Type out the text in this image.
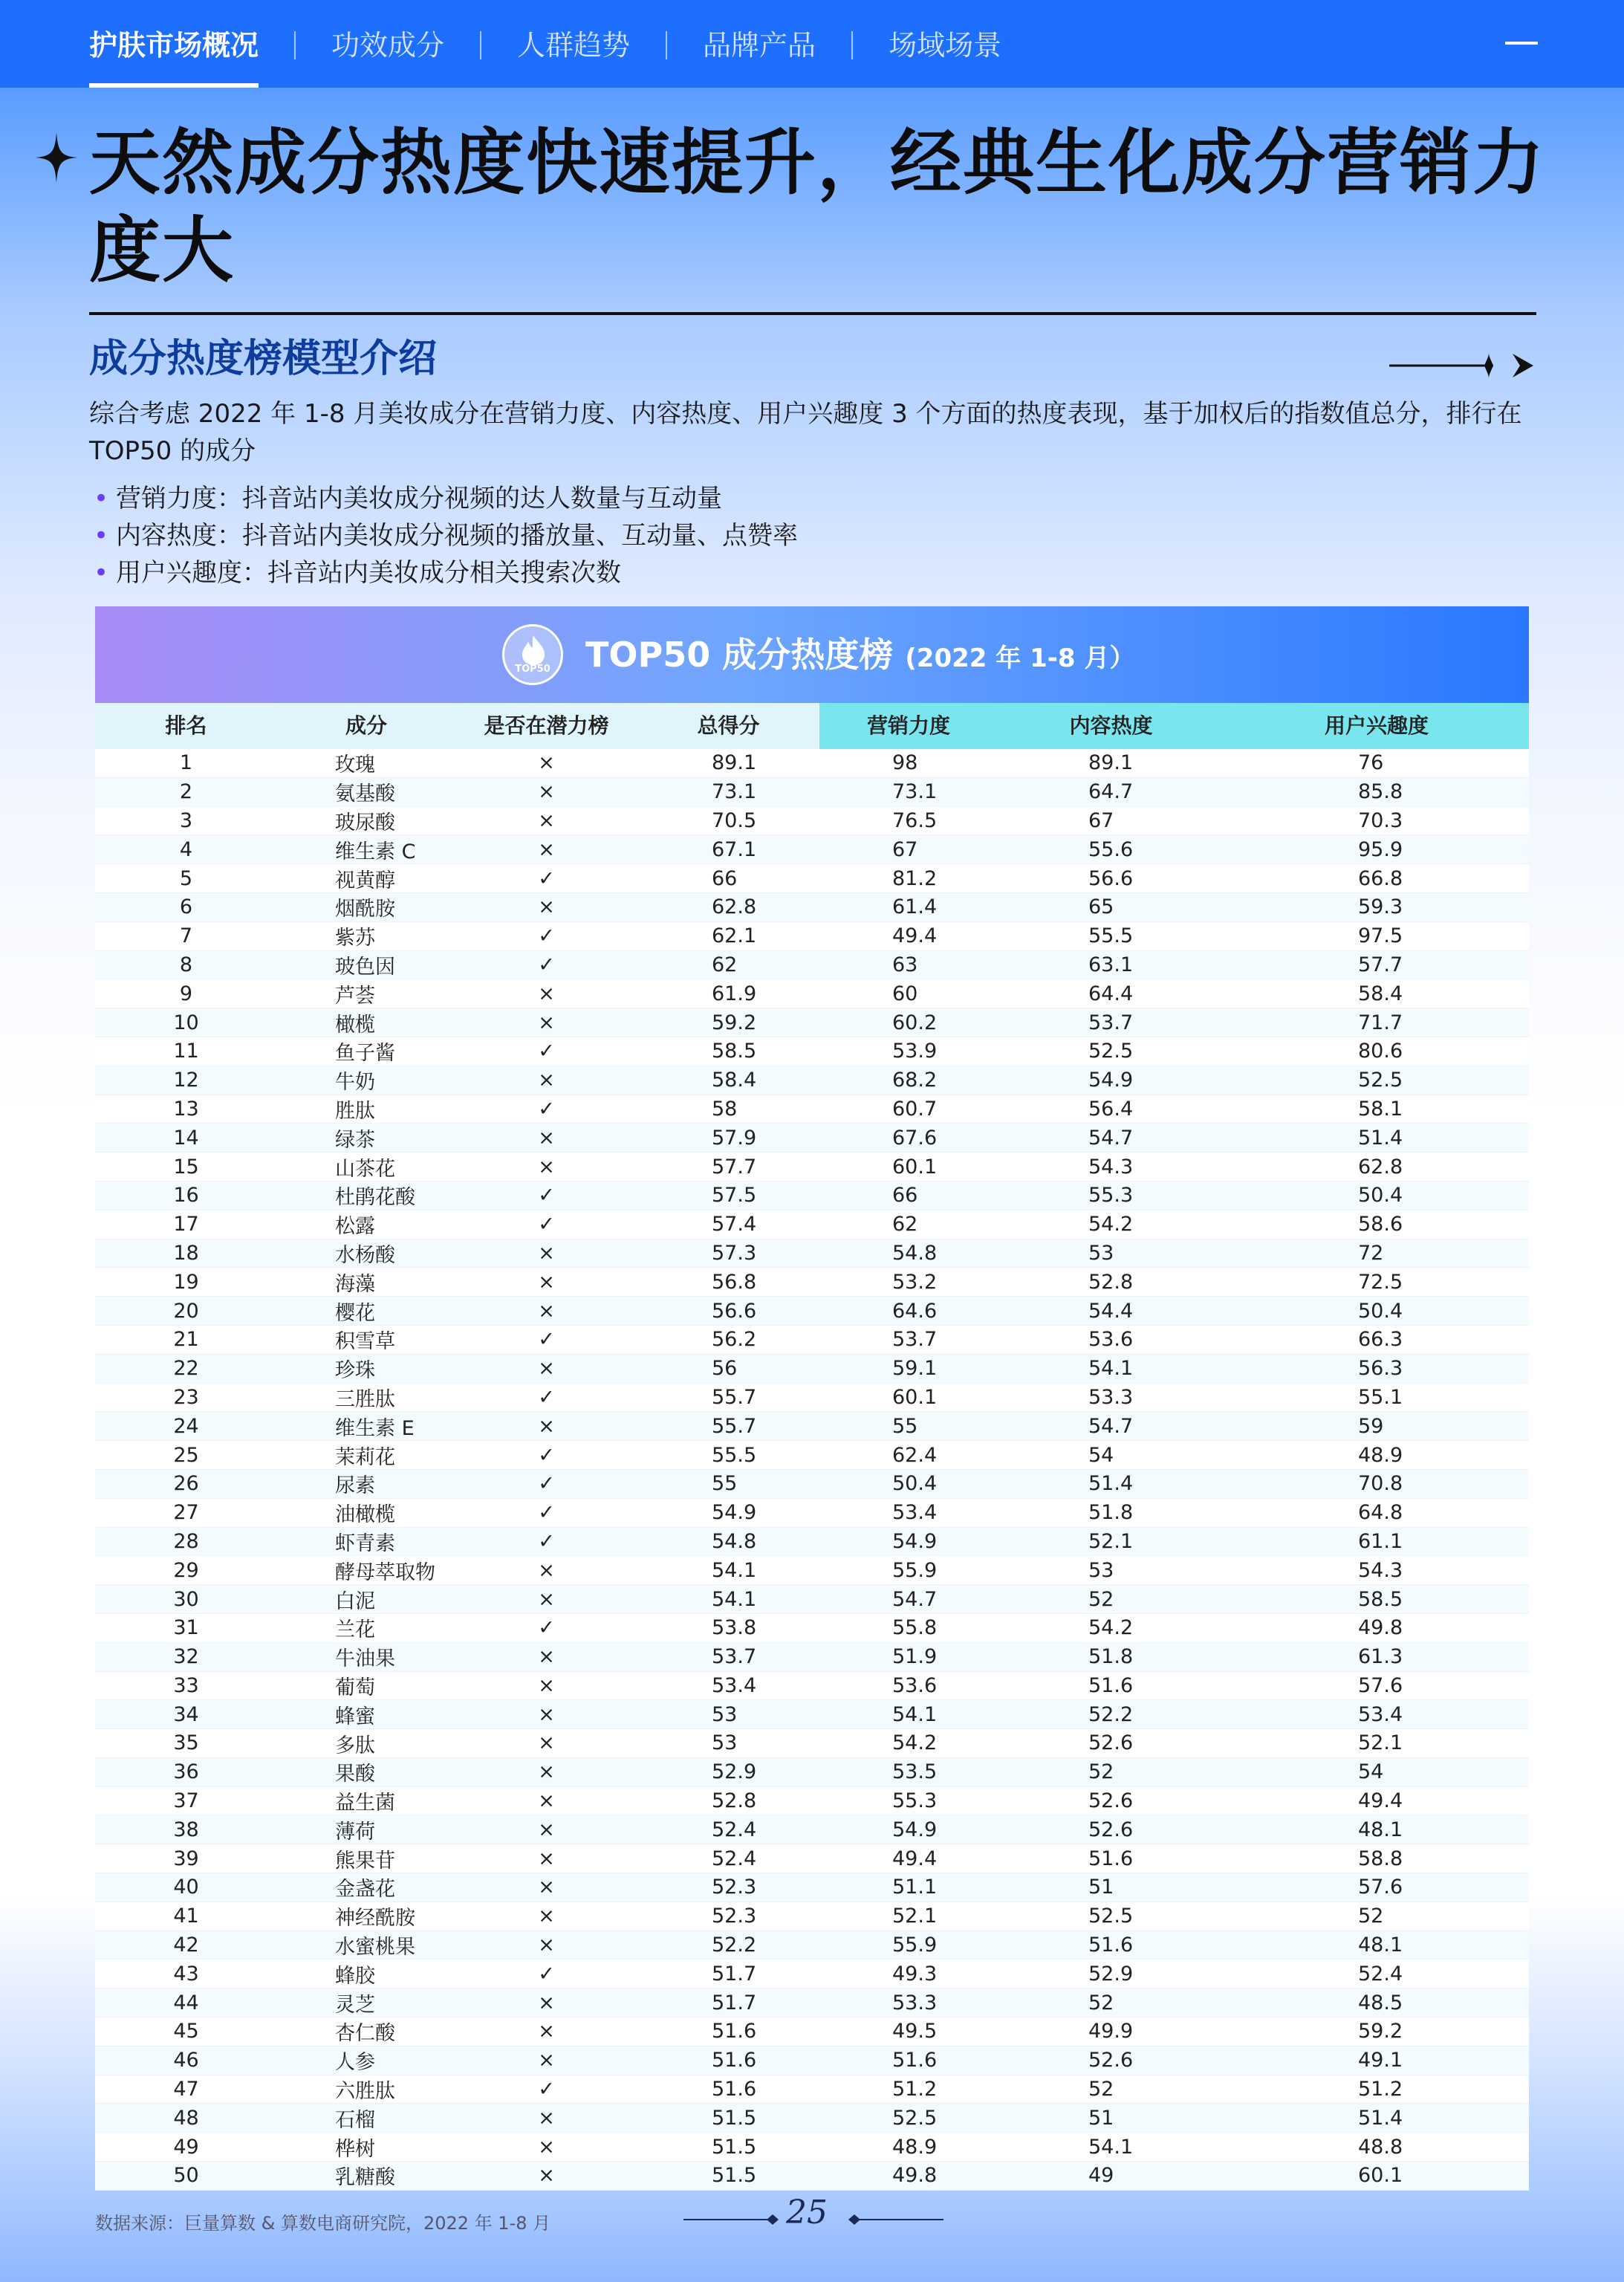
护肤市场概况	功效成分	人群趋势	品牌产品	场域场景
天然成分热度快速提升，经典生化成分营销力度大
成分热度榜模型介绍

综合考虑 2022 年 1-8 月美妆成分在营销力度、内容热度、用户兴趣度 3 个方面的热度表现，基于加权后的指数值总分，排行在 TOP50 的成分

• 营销力度：抖音站内美妆成分视频的达人数量与互动量
• 内容热度：抖音站内美妆成分视频的播放量、互动量、点赞率
• 用户兴趣度：抖音站内美妆成分相关搜索次数
TOP50	TOP50 成分热度榜 (2022 年 1-8 月）
排名	成分	是否在潜力榜	总得分	营销力度	内容热度	用户兴趣度
1	玫瑰	×	89.1	98	89.1	76
2	氨基酸	×	73.1	73.1	64.7	85.8
3	玻尿酸	×	70.5	76.5	67	70.3
4	维生素 C	×	67.1	67	55.6	95.9
5	视黄醇	✓	66	81.2	56.6	66.8
6	烟酰胺	×	62.8	61.4	65	59.3
7	紫苏	✓	62.1	49.4	55.5	97.5
8	玻色因	✓	62	63	63.1	57.7
9	芦荟	×	61.9	60	64.4	58.4
10	橄榄	×	59.2	60.2	53.7	71.7
11	鱼子酱	✓	58.5	53.9	52.5	80.6
12	牛奶	×	58.4	68.2	54.9	52.5
13	胜肽	✓	58	60.7	56.4	58.1
14	绿茶	×	57.9	67.6	54.7	51.4
15	山茶花	×	57.7	60.1	54.3	62.8
16	杜鹃花酸	✓	57.5	66	55.3	50.4
17	松露	✓	57.4	62	54.2	58.6
18	水杨酸	×	57.3	54.8	53	72
19	海藻	×	56.8	53.2	52.8	72.5
20	樱花	×	56.6	64.6	54.4	50.4
21	积雪草	✓	56.2	53.7	53.6	66.3
22	珍珠	×	56	59.1	54.1	56.3
23	三胜肽	✓	55.7	60.1	53.3	55.1
24	维生素 E	×	55.7	55	54.7	59
25	茉莉花	✓	55.5	62.4	54	48.9
26	尿素	✓	55	50.4	51.4	70.8
27	油橄榄	✓	54.9	53.4	51.8	64.8
28	虾青素	✓	54.8	54.9	52.1	61.1
29	酵母萃取物	×	54.1	55.9	53	54.3
30	白泥	×	54.1	54.7	52	58.5
31	兰花	✓	53.8	55.8	54.2	49.8
32	牛油果	×	53.7	51.9	51.8	61.3
33	葡萄	×	53.4	53.6	51.6	57.6
34	蜂蜜	×	53	54.1	52.2	53.4
35	多肽	×	53	54.2	52.6	52.1
36	果酸	×	52.9	53.5	52	54
37	益生菌	×	52.8	55.3	52.6	49.4
38	薄荷	×	52.4	54.9	52.6	48.1
39	熊果苷	×	52.4	49.4	51.6	58.8
40	金盏花	×	52.3	51.1	51	57.6
41	神经酰胺	×	52.3	52.1	52.5	52
42	水蜜桃果	×	52.2	55.9	51.6	48.1
43	蜂胶	✓	51.7	49.3	52.9	52.4
44	灵芝	×	51.7	53.3	52	48.5
45	杏仁酸	×	51.6	49.5	49.9	59.2
46	人参	×	51.6	51.6	52.6	49.1
47	六胜肽	✓	51.6	51.2	52	51.2
48	石榴	×	51.5	52.5	51	51.4
49	桦树	×	51.5	48.9	54.1	48.8
50	乳糖酸	×	51.5	49.8	49	60.1
数据来源：巨量算数 & 算数电商研究院，2022 年 1-8 月	25
